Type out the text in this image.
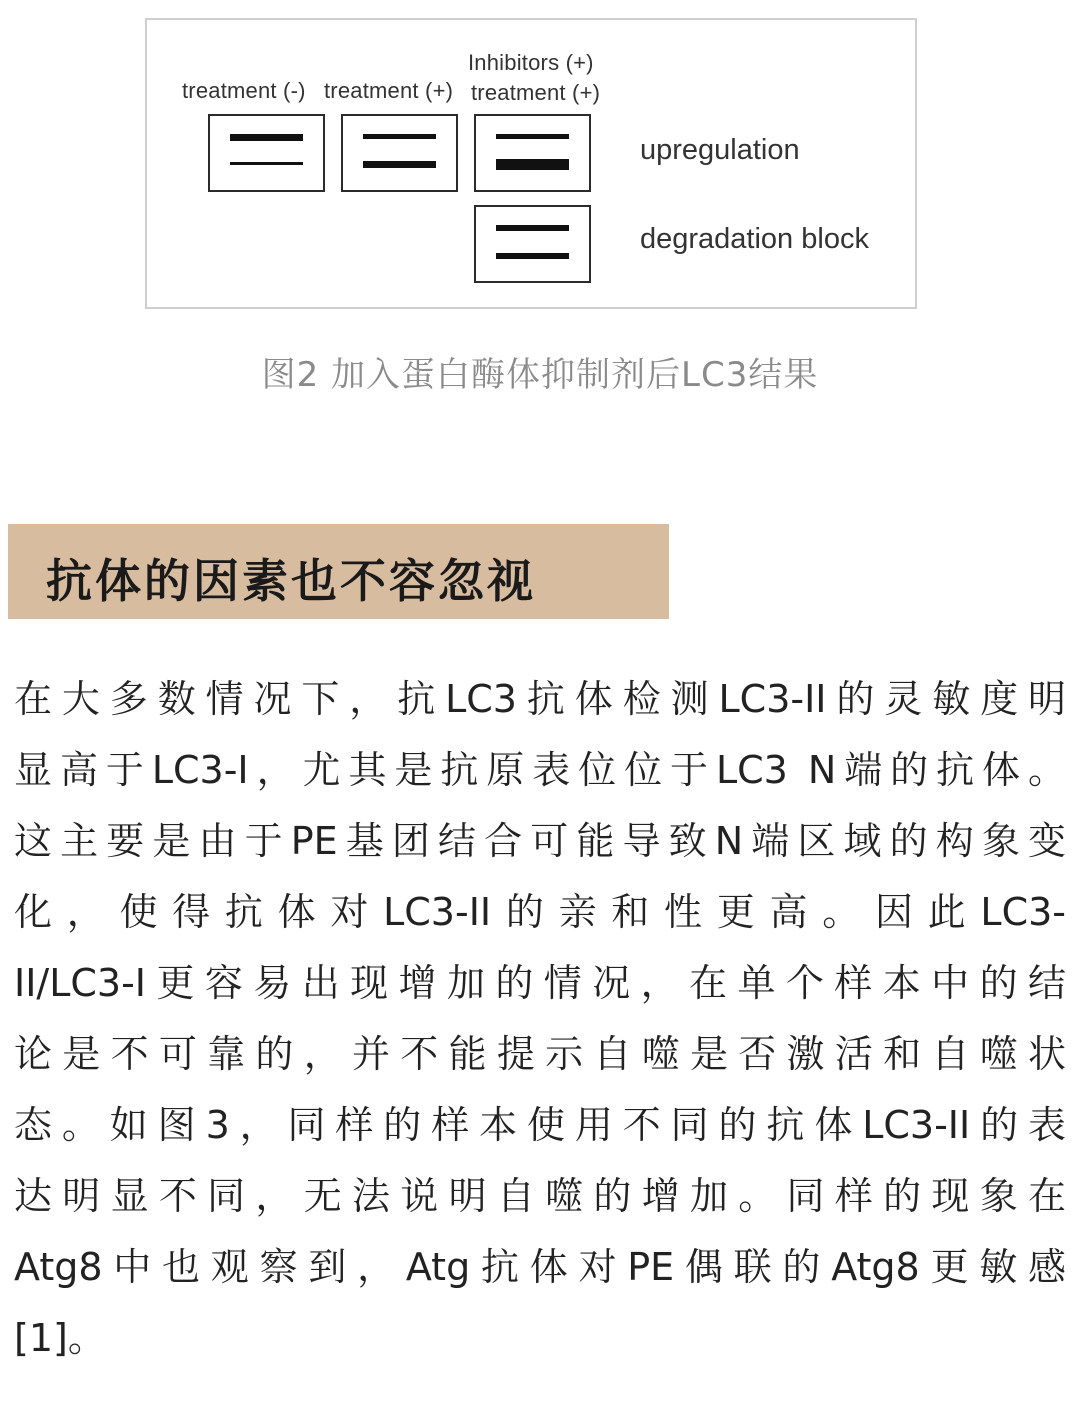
Inhibitors (+)
treatment (-) treatment (+) treatment (+)
upregulation
degradation block
图2 加入蛋白酶体抑制剂后LC3结果
抗体的因素也不容忽视
在大多数情况下，抗LC3抗体检测LC3-II的灵敏度明
显高于LC3-I，尤其是抗原表位位于LC3 N端的抗体。
这主要是由于PE基团结合可能导致N端区域的构象变
化，使得抗体对LC3-II的亲和性更高。因此LC3-
II/LC3-I更容易出现增加的情况，在单个样本中的结
论是不可靠的，并不能提示自噬是否激活和自噬状
态。如图3，同样的样本使用不同的抗体LC3-II的表
达明显不同，无法说明自噬的增加。同样的现象在
Atg8中也观察到，Atg抗体对PE偶联的Atg8更敏感
[1]。
